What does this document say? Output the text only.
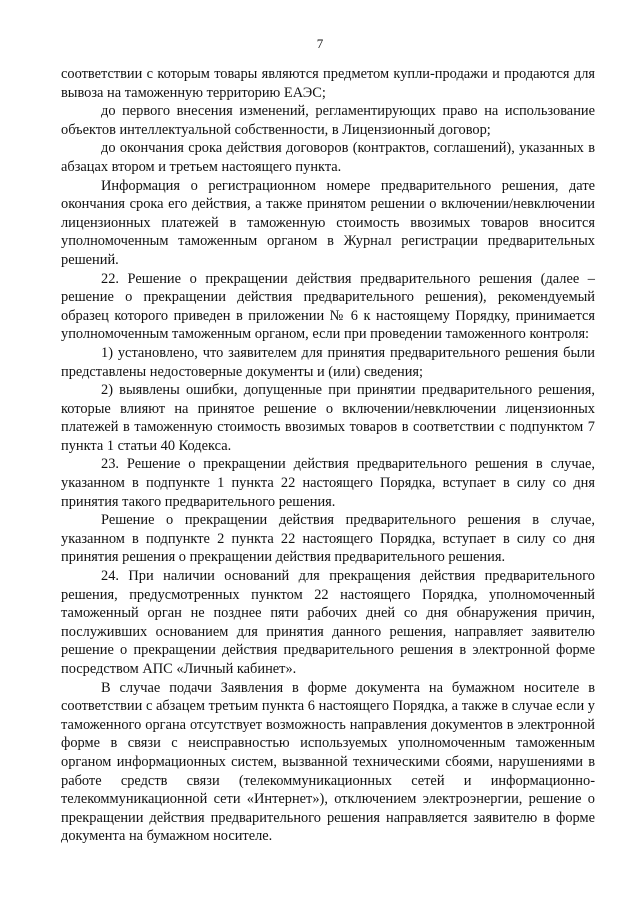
7

соответствии с которым товары являются предметом купли-продажи и продаются для вывоза на таможенную территорию ЕАЭС;

до первого внесения изменений, регламентирующих право на использование объектов интеллектуальной собственности, в Лицензионный договор;

до окончания срока действия договоров (контрактов, соглашений), указанных в абзацах втором и третьем настоящего пункта.

Информация о регистрационном номере предварительного решения, дате окончания срока его действия, а также принятом решении о включении/невключении лицензионных платежей в таможенную стоимость ввозимых товаров вносится уполномоченным таможенным органом в Журнал регистрации предварительных решений.

22. Решение о прекращении действия предварительного решения (далее – решение о прекращении действия предварительного решения), рекомендуемый образец которого приведен в приложении № 6 к настоящему Порядку, принимается уполномоченным таможенным органом, если при проведении таможенного контроля:

1) установлено, что заявителем для принятия предварительного решения были представлены недостоверные документы и (или) сведения;

2) выявлены ошибки, допущенные при принятии предварительного решения, которые влияют на принятое решение о включении/невключении лицензионных платежей в таможенную стоимость ввозимых товаров в соответствии с подпунктом 7 пункта 1 статьи 40 Кодекса.

23. Решение о прекращении действия предварительного решения в случае, указанном в подпункте 1 пункта 22 настоящего Порядка, вступает в силу со дня принятия такого предварительного решения.

Решение о прекращении действия предварительного решения в случае, указанном в подпункте 2 пункта 22 настоящего Порядка, вступает в силу со дня принятия решения о прекращении действия предварительного решения.

24. При наличии оснований для прекращения действия предварительного решения, предусмотренных пунктом 22 настоящего Порядка, уполномоченный таможенный орган не позднее пяти рабочих дней со дня обнаружения причин, послуживших основанием для принятия данного решения, направляет заявителю решение о прекращении действия предварительного решения в электронной форме посредством АПС «Личный кабинет».

В случае подачи Заявления в форме документа на бумажном носителе в соответствии с абзацем третьим пункта 6 настоящего Порядка, а также в случае если у таможенного органа отсутствует возможность направления документов в электронной форме в связи с неисправностью используемых уполномоченным таможенным органом информационных систем, вызванной техническими сбоями, нарушениями в работе средств связи (телекоммуникационных сетей и информационно-телекоммуникационной сети «Интернет»), отключением электроэнергии, решение о прекращении действия предварительного решения направляется заявителю в форме документа на бумажном носителе.
